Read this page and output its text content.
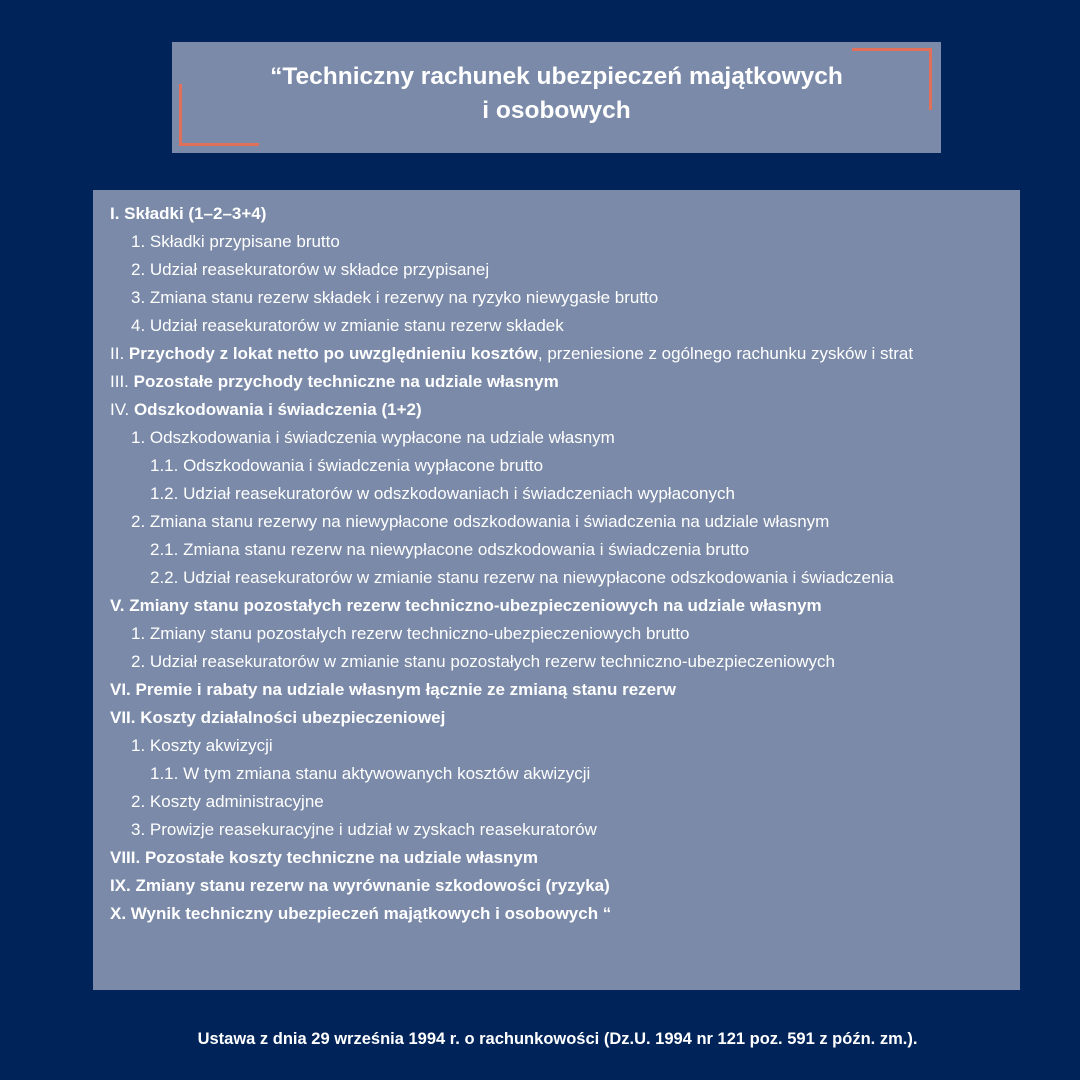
“Techniczny rachunek ubezpieczeń majątkowych
i osobowych
I. Składki (1–2–3+4)
1. Składki przypisane brutto
2. Udział reasekuratorów w składce przypisanej
3. Zmiana stanu rezerw składek i rezerwy na ryzyko niewygasłe brutto
4. Udział reasekuratorów w zmianie stanu rezerw składek
II. Przychody z lokat netto po uwzględnieniu kosztów, przeniesione z ogólnego rachunku zysków i strat
III. Pozostałe przychody techniczne na udziale własnym
IV. Odszkodowania i świadczenia (1+2)
1. Odszkodowania i świadczenia wypłacone na udziale własnym
1.1. Odszkodowania i świadczenia wypłacone brutto
1.2. Udział reasekuratorów w odszkodowaniach i świadczeniach wypłaconych
2. Zmiana stanu rezerwy na niewypłacone odszkodowania i świadczenia na udziale własnym
2.1. Zmiana stanu rezerw na niewypłacone odszkodowania i świadczenia brutto
2.2. Udział reasekuratorów w zmianie stanu rezerw na niewypłacone odszkodowania i świadczenia
V. Zmiany stanu pozostałych rezerw techniczno-ubezpieczeniowych na udziale własnym
1. Zmiany stanu pozostałych rezerw techniczno-ubezpieczeniowych brutto
2. Udział reasekuratorów w zmianie stanu pozostałych rezerw techniczno-ubezpieczeniowych
VI. Premie i rabaty na udziale własnym łącznie ze zmianą stanu rezerw
VII. Koszty działalności ubezpieczeniowej
1. Koszty akwizycji
1.1. W tym zmiana stanu aktywowanych kosztów akwizycji
2. Koszty administracyjne
3. Prowizje reasekuracyjne i udział w zyskach reasekuratorów
VIII. Pozostałe koszty techniczne na udziale własnym
IX. Zmiany stanu rezerw na wyrównanie szkodowości (ryzyka)
X. Wynik techniczny ubezpieczeń majątkowych i osobowych “
Ustawa z dnia 29 września 1994 r. o rachunkowości (Dz.U. 1994 nr 121 poz. 591 z późn. zm.).
